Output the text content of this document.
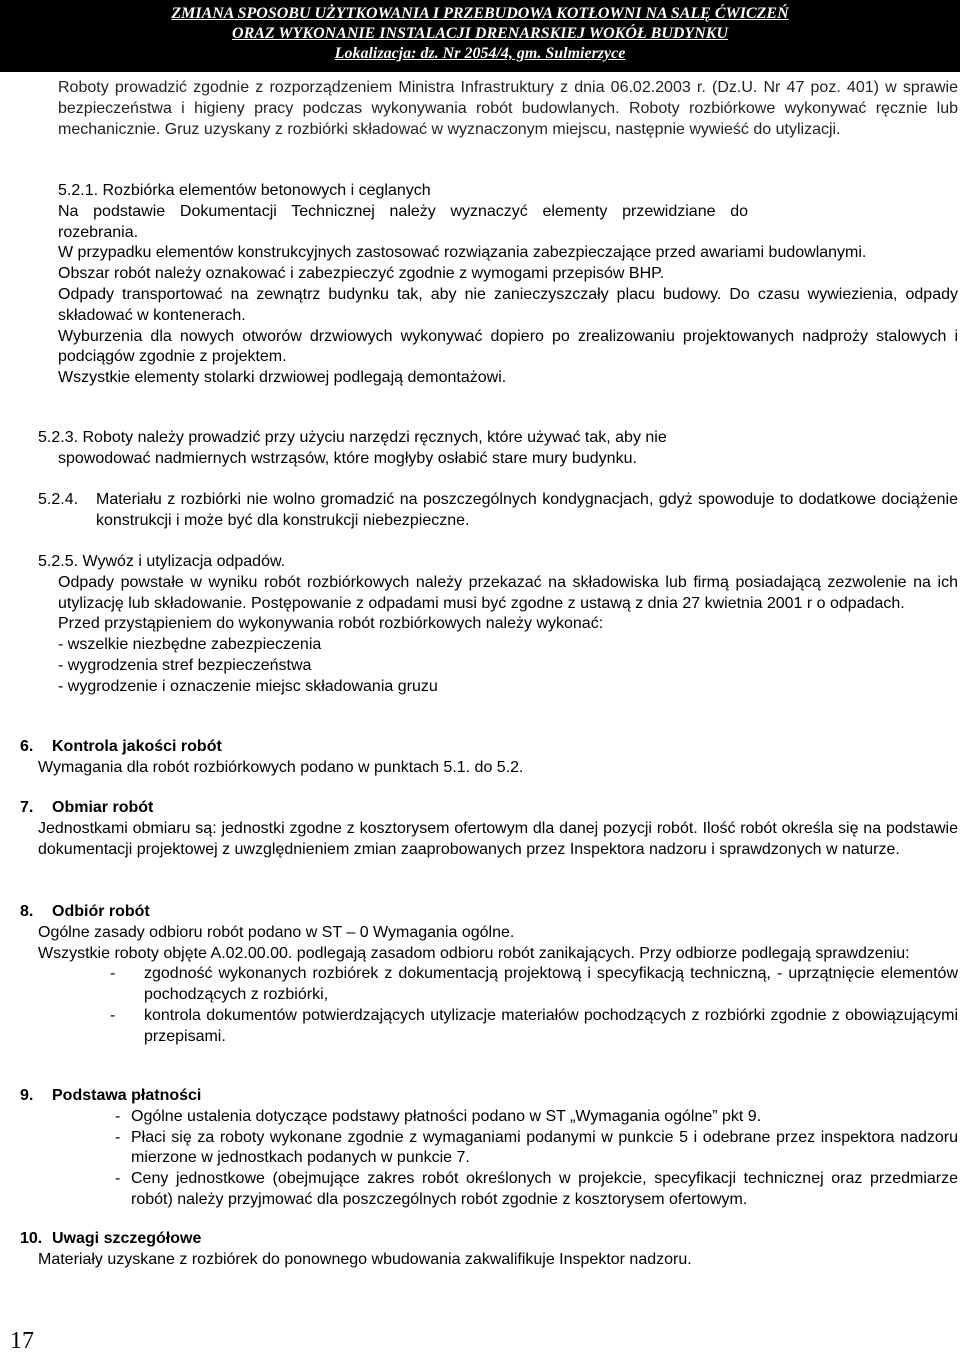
ZMIANA SPOSOBU UŻYTKOWANIA I PRZEBUDOWA KOTŁOWNI NA SALĘ ĆWICZEŃ
ORAZ WYKONANIE INSTALACJI DRENARSKIEJ WOKÓŁ BUDYNKU
Lokalizacja: dz. Nr 2054/4, gm. Sulmierzyce
Roboty prowadzić zgodnie z rozporządzeniem Ministra Infrastruktury z dnia 06.02.2003 r. (Dz.U. Nr 47 poz. 401) w sprawie bezpieczeństwa i higieny pracy podczas wykonywania robót budowlanych. Roboty rozbiórkowe wykonywać ręcznie lub mechanicznie. Gruz uzyskany z rozbiórki składować w wyznaczonym miejscu, następnie wywieść do utylizacji.
5.2.1. Rozbiórka elementów betonowych i ceglanych
Na podstawie Dokumentacji Technicznej należy wyznaczyć elementy przewidziane do rozebrania.
W przypadku elementów konstrukcyjnych zastosować rozwiązania zabezpieczające przed awariami budowlanymi.
Obszar robót należy oznakować i zabezpieczyć zgodnie z wymogami przepisów BHP.
Odpady transportować na zewnątrz budynku tak, aby nie zanieczyszczały placu budowy. Do czasu wywiezienia, odpady składować w kontenerach.
Wyburzenia dla nowych otworów drzwiowych wykonywać dopiero po zrealizowaniu projektowanych nadproży stalowych i podciągów zgodnie z projektem.
Wszystkie elementy stolarki drzwiowej podlegają demontażowi.
5.2.3. Roboty należy prowadzić przy użyciu narzędzi ręcznych, które używać tak, aby nie
spowodować nadmiernych wstrząsów, które mogłyby osłabić stare mury budynku.
5.2.4.	Materiału z rozbiórki nie wolno gromadzić na poszczególnych kondygnacjach, gdyż spowoduje to dodatkowe dociążenie konstrukcji i może być dla konstrukcji niebezpieczne.
5.2.5. Wywóz i utylizacja odpadów.
Odpady powstałe w wyniku robót rozbiórkowych należy przekazać na składowiska lub firmą posiadającą zezwolenie na ich utylizację lub składowanie. Postępowanie z odpadami musi być zgodne z ustawą z dnia 27 kwietnia 2001 r o odpadach.
Przed przystąpieniem do wykonywania robót rozbiórkowych należy wykonać:
- wszelkie niezbędne zabezpieczenia
- wygrodzenia stref bezpieczeństwa
- wygrodzenie i oznaczenie miejsc składowania gruzu
6.	Kontrola jakości robót
Wymagania dla robót rozbiórkowych podano w punktach 5.1. do 5.2.
7.	Obmiar robót
Jednostkami obmiaru są: jednostki zgodne z kosztorysem ofertowym dla danej pozycji robót. Ilość robót określa się na podstawie dokumentacji projektowej z uwzględnieniem zmian zaaprobowanych przez Inspektora nadzoru i sprawdzonych w naturze.
8.	Odbiór robót
Ogólne zasady odbioru robót podano w ST – 0 Wymagania ogólne.
Wszystkie roboty objęte A.02.00.00. podlegają zasadom odbioru robót zanikających. Przy odbiorze podlegają sprawdzeniu:
-	zgodność wykonanych rozbiórek z dokumentacją projektową i specyfikacją techniczną, - uprzątnięcie elementów pochodzących z rozbiórki,
-	kontrola dokumentów potwierdzających utylizacje materiałów pochodzących z rozbiórki zgodnie z obowiązującymi przepisami.
9.	Podstawa płatności
- Ogólne ustalenia dotyczące podstawy płatności podano w ST „Wymagania ogólne” pkt 9.
- Płaci się za roboty wykonane zgodnie z wymaganiami podanymi w punkcie 5 i odebrane przez inspektora nadzoru mierzone w jednostkach podanych w punkcie 7.
- Ceny jednostkowe (obejmujące zakres robót określonych w projekcie, specyfikacji technicznej oraz przedmiarze robót) należy przyjmować dla poszczególnych robót zgodnie z kosztorysem ofertowym.
10. Uwagi szczegółowe
Materiały uzyskane z rozbiórek do ponownego wbudowania zakwalifikuje Inspektor nadzoru.
17
